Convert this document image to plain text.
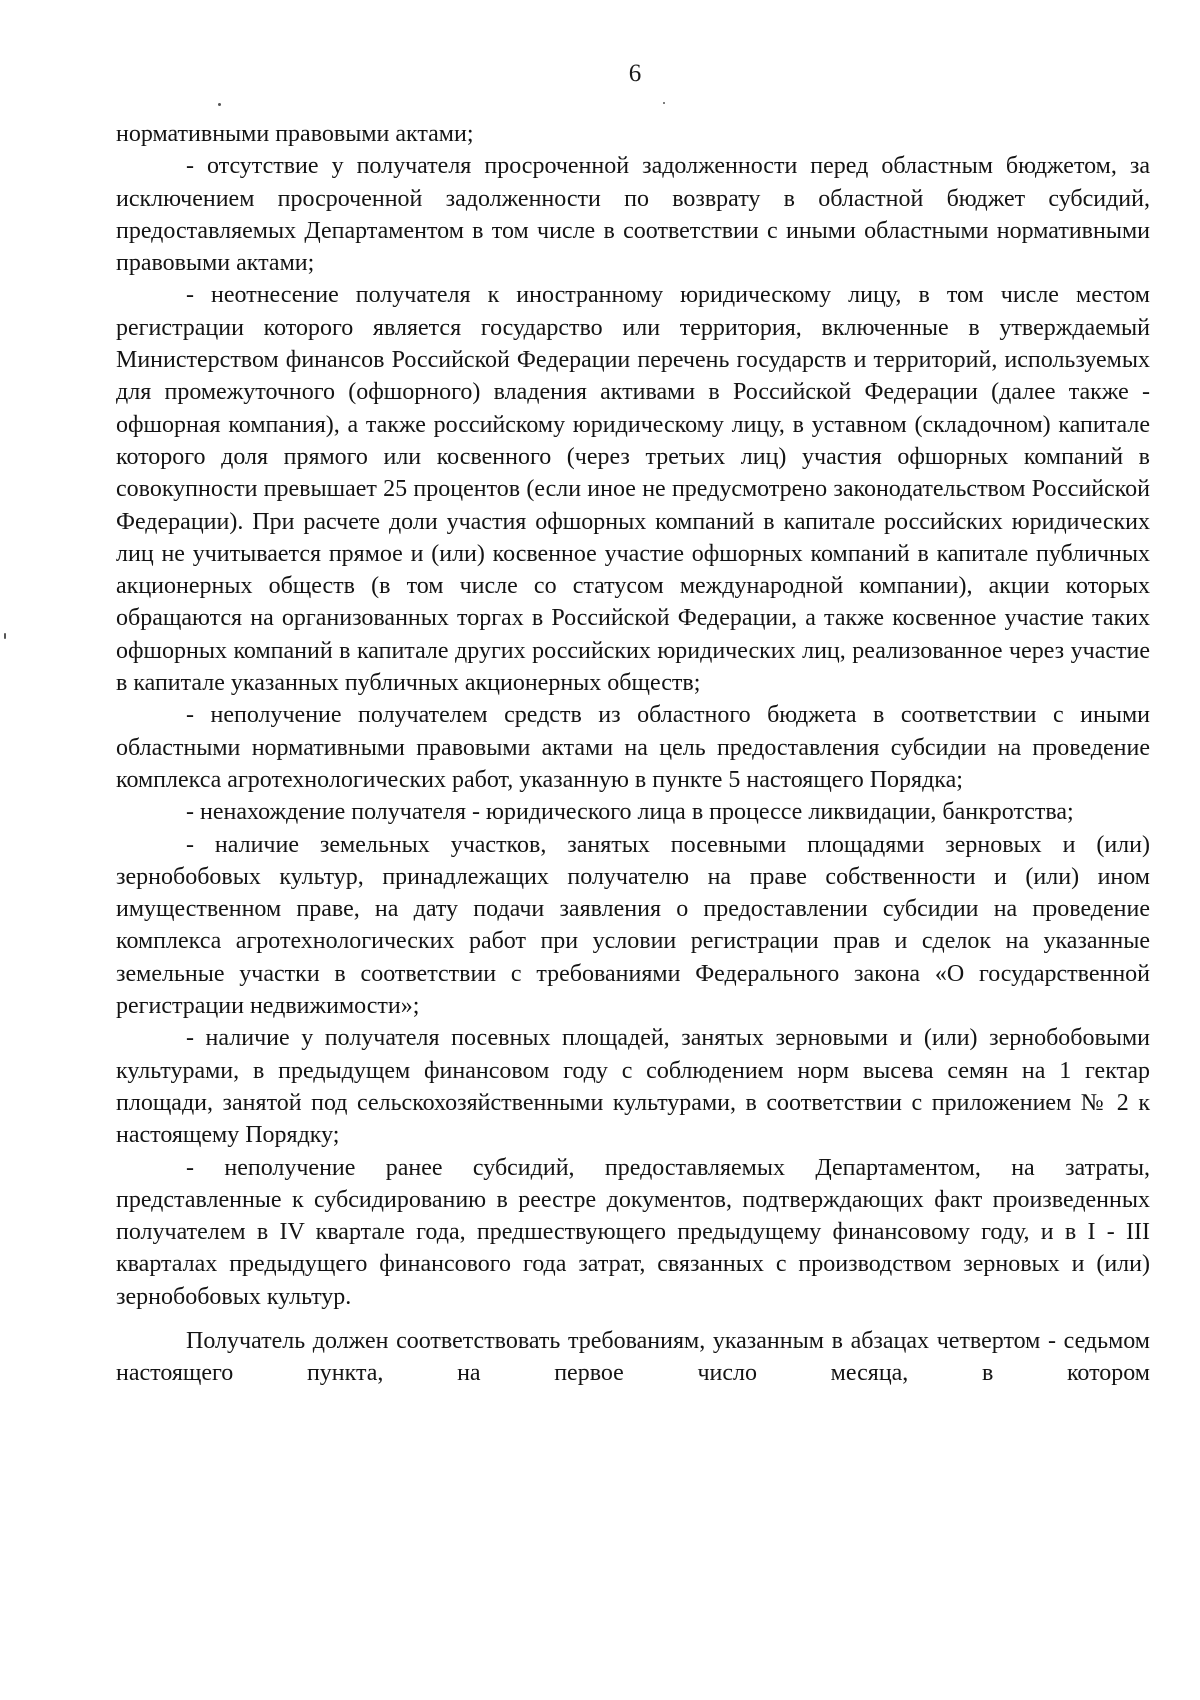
6

нормативными правовыми актами;

- отсутствие у получателя просроченной задолженности перед областным бюджетом, за исключением просроченной задолженности по возврату в областной бюджет субсидий, предоставляемых Департаментом в том числе в соответствии с иными областными нормативными правовыми актами;

- неотнесение получателя к иностранному юридическому лицу, в том числе местом регистрации которого является государство или территория, включенные в утверждаемый Министерством финансов Российской Федерации перечень государств и территорий, используемых для промежуточного (офшорного) владения активами в Российской Федерации (далее также - офшорная компания), а также российскому юридическому лицу, в уставном (складочном) капитале которого доля прямого или косвенного (через третьих лиц) участия офшорных компаний в совокупности превышает 25 процентов (если иное не предусмотрено законодательством Российской Федерации). При расчете доли участия офшорных компаний в капитале российских юридических лиц не учитывается прямое и (или) косвенное участие офшорных компаний в капитале публичных акционерных обществ (в том числе со статусом международной компании), акции которых обращаются на организованных торгах в Российской Федерации, а также косвенное участие таких офшорных компаний в капитале других российских юридических лиц, реализованное через участие в капитале указанных публичных акционерных обществ;

- неполучение получателем средств из областного бюджета в соответствии с иными областными нормативными правовыми актами на цель предоставления субсидии на проведение комплекса агротехнологических работ, указанную в пункте 5 настоящего Порядка;

- ненахождение получателя - юридического лица в процессе ликвидации, банкротства;

- наличие земельных участков, занятых посевными площадями зерновых и (или) зернобобовых культур, принадлежащих получателю на праве собственности и (или) ином имущественном праве, на дату подачи заявления о предоставлении субсидии на проведение комплекса агротехнологических работ при условии регистрации прав и сделок на указанные земельные участки в соответствии с требованиями Федерального закона «О государственной регистрации недвижимости»;

- наличие у получателя посевных площадей, занятых зерновыми и (или) зернобобовыми культурами, в предыдущем финансовом году с соблюдением норм высева семян на 1 гектар площади, занятой под сельскохозяйственными культурами, в соответствии с приложением № 2 к настоящему Порядку;

- неполучение ранее субсидий, предоставляемых Департаментом, на затраты, представленные к субсидированию в реестре документов, подтверждающих факт произведенных получателем в IV квартале года, предшествующего предыдущему финансовому году, и в I - III кварталах предыдущего финансового года затрат, связанных с производством зерновых и (или) зернобобовых культур.

Получатель должен соответствовать требованиям, указанным в абзацах четвертом - седьмом настоящего пункта, на первое число месяца, в котором
